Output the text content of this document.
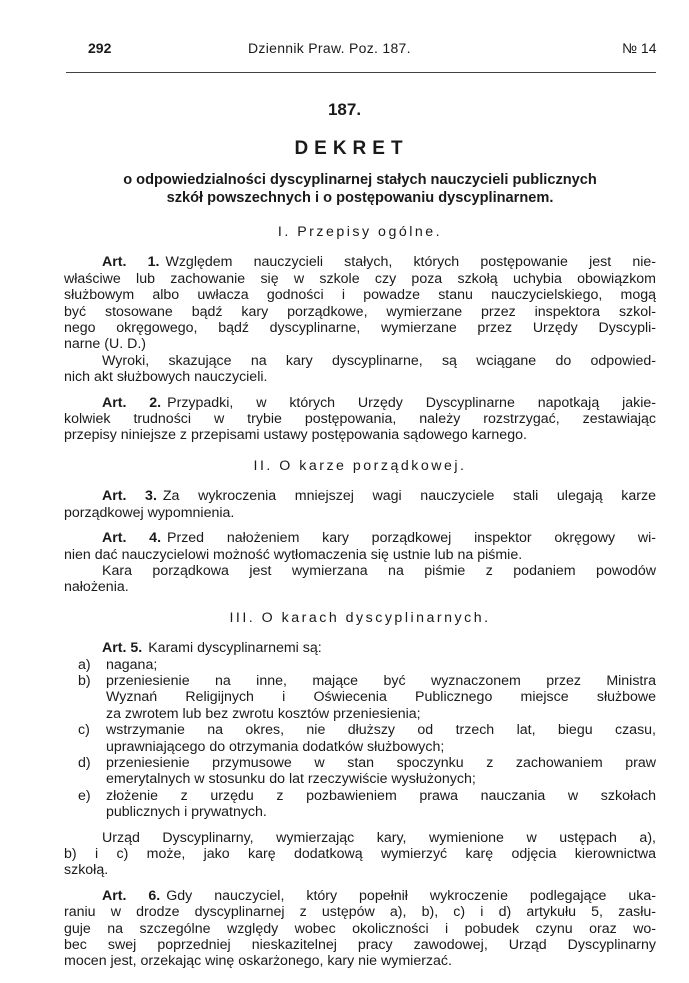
292	Dziennik Praw. Poz. 187.	№ 14
187.
DEKRET
o odpowiedzialności dyscyplinarnej stałych nauczycieli publicznych
szkół powszechnych i o postępowaniu dyscyplinarnem.
I. Przepisy ogólne.
Art. 1. Względem nauczycieli stałych, których postępowanie jest nie-
właściwe lub zachowanie się w szkole czy poza szkołą uchybia obowiązkom
służbowym albo uwłacza godności i powadze stanu nauczycielskiego, mogą
być stosowane bądź kary porządkowe, wymierzane przez inspektora szkol-
nego okręgowego, bądź dyscyplinarne, wymierzane przez Urzędy Dyscypli-
narne (U. D.)
Wyroki, skazujące na kary dyscyplinarne, są wciągane do odpowied-
nich akt służbowych nauczycieli.
Art. 2. Przypadki, w których Urzędy Dyscyplinarne napotkają jakie-
kolwiek trudności w trybie postępowania, należy rozstrzygać, zestawiając
przepisy niniejsze z przepisami ustawy postępowania sądowego karnego.
II. O karze porządkowej.
Art. 3. Za wykroczenia mniejszej wagi nauczyciele stali ulegają karze
porządkowej wypomnienia.
Art. 4. Przed nałożeniem kary porządkowej inspektor okręgowy wi-
nien dać nauczycielowi możność wytłomaczenia się ustnie lub na piśmie.
Kara porządkowa jest wymierzana na piśmie z podaniem powodów
nałożenia.
III. O karach dyscyplinarnych.
Art. 5. Karami dyscyplinarnemi są:
a) nagana;
b) przeniesienie na inne, mające być wyznaczonem przez Ministra
Wyznań Religijnych i Oświecenia Publicznego miejsce służbowe
za zwrotem lub bez zwrotu kosztów przeniesienia;
c) wstrzymanie na okres, nie dłuższy od trzech lat, biegu czasu,
uprawniającego do otrzymania dodatków służbowych;
d) przeniesienie przymusowe w stan spoczynku z zachowaniem praw
emerytalnych w stosunku do lat rzeczywiście wysłużonych;
e) złożenie z urzędu z pozbawieniem prawa nauczania w szkołach
publicznych i prywatnych.
Urząd Dyscyplinarny, wymierzając kary, wymienione w ustępach a),
b) i c) może, jako karę dodatkową wymierzyć karę odjęcia kierownictwa
szkołą.
Art. 6. Gdy nauczyciel, który popełnił wykroczenie podlegające uka-
raniu w drodze dyscyplinarnej z ustępów a), b), c) i d) artykułu 5, zasłu-
guje na szczególne względy wobec okoliczności i pobudek czynu oraz wo-
bec swej poprzedniej nieskazitelnej pracy zawodowej, Urząd Dyscyplinarny
mocen jest, orzekając winę oskarżonego, kary nie wymierzać.
